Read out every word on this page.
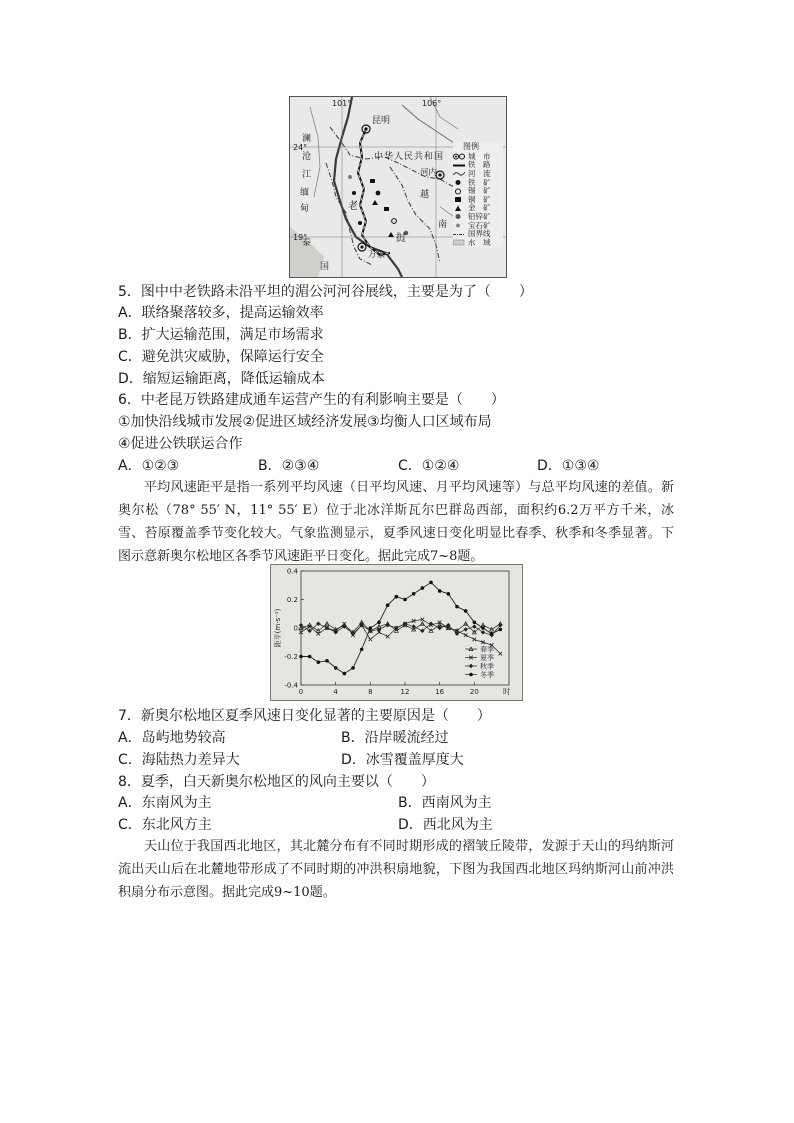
101°	106°
24°
19°
昆明
中华人民共和国
河内
万象
缅
甸
澜
沧
江
越
南
老
挝
泰
国
图例
城　市
铁　路
河　流
铁　矿
锡　矿
铜　矿
金　矿
铅锌矿
宝石矿
国界线
水　域
5．图中中老铁路未沿平坦的湄公河河谷展线，主要是为了（　　）
A．联络聚落较多，提高运输效率
B．扩大运输范围，满足市场需求
C．避免洪灾威胁，保障运行安全
D．缩短运输距离，降低运输成本
6．中老昆万铁路建成通车运营产生的有利影响主要是（　　）
①加快沿线城市发展②促进区域经济发展③均衡人口区域布局
④促进公铁联运合作
A．①②③	B．②③④	C．①②④	D．①③④

平均风速距平是指一系列平均风速（日平均风速、月平均风速等）与总平均风速的差值。新奥尔松（78° 55′ N，11° 55′ E）位于北冰洋斯瓦尔巴群岛西部，面积约6.2万平方千米，冰雪、苔原覆盖季节变化较大。气象监测显示，夏季风速日变化明显比春季、秋季和冬季显著。下图示意新奥尔松地区各季节风速距平日变化。据此完成7~8题。

0.4
0.2
0
-0.2
-0.4
0	4	8	12	16	20
距平(m·s⁻¹)
时
春季
夏季
秋季
冬季
7．新奥尔松地区夏季风速日变化显著的主要原因是（　　）
A．岛屿地势较高	B．沿岸暖流经过
C．海陆热力差异大	D．冰雪覆盖厚度大
8．夏季，白天新奥尔松地区的风向主要以（　　）
A．东南风为主	B．西南风为主
C．东北风方主	D．西北风为主

天山位于我国西北地区，其北麓分布有不同时期形成的褶皱丘陵带，发源于天山的玛纳斯河流出天山后在北麓地带形成了不同时期的冲洪积扇地貌，下图为我国西北地区玛纳斯河山前冲洪积扇分布示意图。据此完成9~10题。
